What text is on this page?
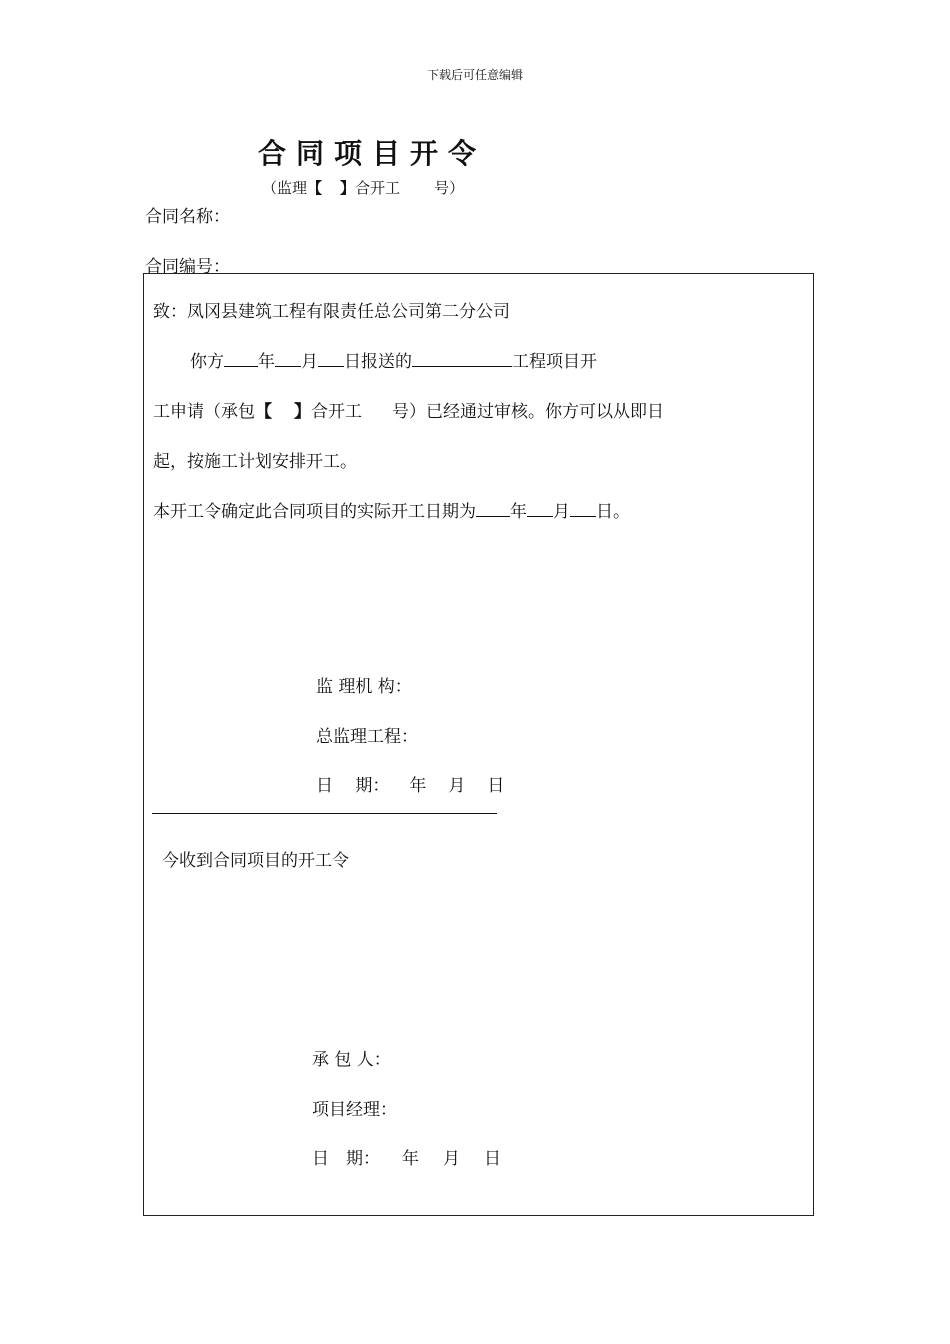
下载后可任意编辑
合同项目开令
（监理【 】合开工 号）
合同名称：
合同编号：
致：凤冈县建筑工程有限责任总公司第二分公司
你方 年 月 日报送的	工程项目开
工申请（承包【 】合开工 号）已经通过审核。你方可以从即日
起，按施工计划安排开工。
本开工令确定此合同项目的实际开工日期为 年 月 日。
监 理机 构：
总监理工程：
日　 期： 年 月 日
今收到合同项目的开工令
承 包 人：
项目经理：
日　期： 年 月 日
